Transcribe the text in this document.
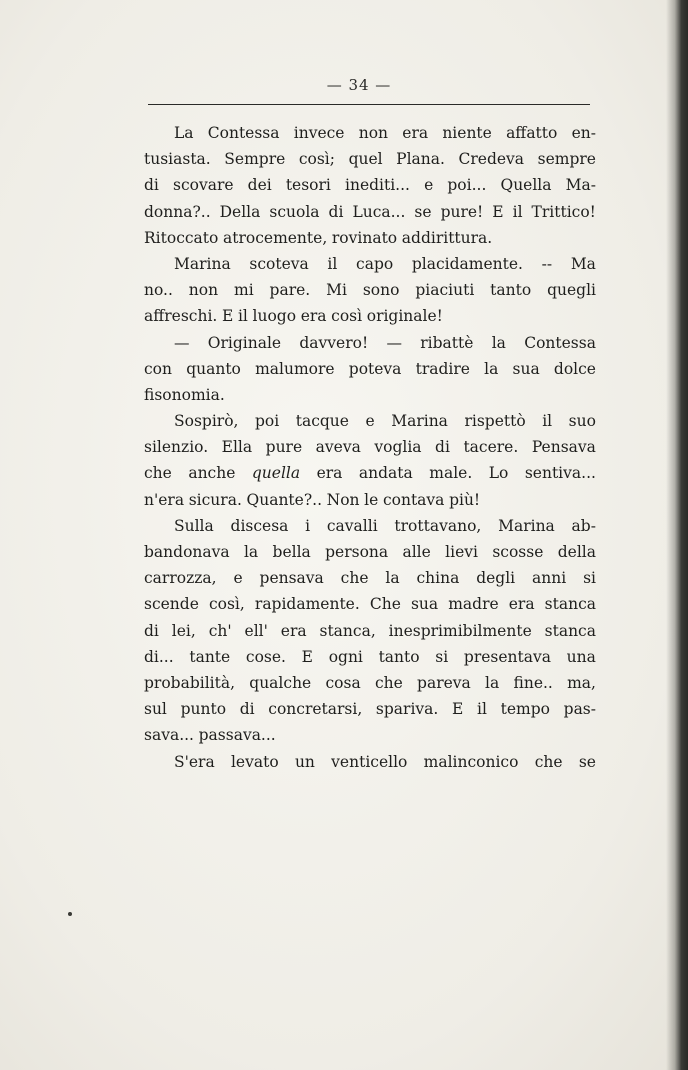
— 34 —
La Contessa invece non era niente affatto en-
tusiasta. Sempre così; quel Plana. Credeva sempre
di scovare dei tesori inediti... e poi... Quella Ma-
donna?.. Della scuola di Luca... se pure! E il Trittico!
Ritoccato atrocemente, rovinato addirittura.
Marina scoteva il capo placidamente. -- Ma
no.. non mi pare. Mi sono piaciuti tanto quegli
affreschi. E il luogo era così originale!
— Originale davvero! — ribattè la Contessa
con quanto malumore poteva tradire la sua dolce
fisonomia.
Sospirò, poi tacque e Marina rispettò il suo
silenzio. Ella pure aveva voglia di tacere. Pensava
che anche quella era andata male. Lo sentiva...
n'era sicura. Quante?.. Non le contava più!
Sulla discesa i cavalli trottavano, Marina ab-
bandonava la bella persona alle lievi scosse della
carrozza, e pensava che la china degli anni si
scende così, rapidamente. Che sua madre era stanca
di lei, ch' ell' era stanca, inesprimibilmente stanca
di... tante cose. E ogni tanto si presentava una
probabilità, qualche cosa che pareva la fine.. ma,
sul punto di concretarsi, spariva. E il tempo pas-
sava... passava...
S'era levato un venticello malinconico che se
